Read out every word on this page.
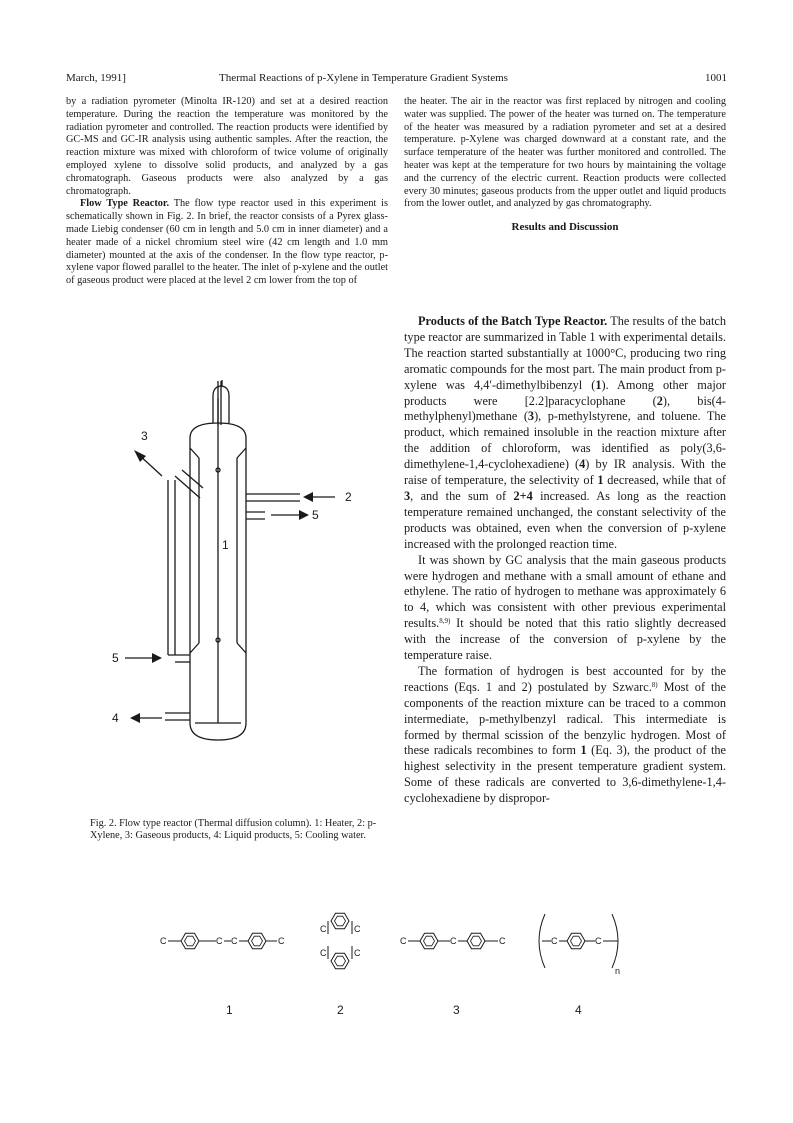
March, 1991]	Thermal Reactions of p-Xylene in Temperature Gradient Systems	1001

by a radiation pyrometer (Minolta IR-120) and set at a desired reaction temperature. During the reaction the temperature was monitored by the radiation pyrometer and controlled. The reaction products were identified by GC-MS and GC-IR analysis using authentic samples. After the reaction, the reaction mixture was mixed with chloroform of twice volume of originally employed xylene to dissolve solid products, and analyzed by a gas chromatograph. Gaseous products were also analyzed by a gas chromatograph.

Flow Type Reactor. The flow type reactor used in this experiment is schematically shown in Fig. 2. In brief, the reactor consists of a Pyrex glass-made Liebig condenser (60 cm in length and 5.0 cm in inner diameter) and a heater made of a nickel chromium steel wire (42 cm length and 1.0 mm diameter) mounted at the axis of the condenser. In the flow type reactor, p-xylene vapor flowed parallel to the heater. The inlet of p-xylene and the outlet of gaseous product were placed at the level 2 cm lower from the top of

the heater. The air in the reactor was first replaced by nitrogen and cooling water was supplied. The power of the heater was turned on. The temperature of the heater was measured by a radiation pyrometer and set at a desired temperature. p-Xylene was charged downward at a constant rate, and the surface temperature of the heater was further monitored and controlled. The heater was kept at the temperature for two hours by maintaining the voltage and the currency of the electric current. Reaction products were collected every 30 minutes; gaseous products from the upper outlet and liquid products from the lower outlet, and analyzed by gas chromatography.

Results and Discussion

Products of the Batch Type Reactor. The results of the batch type reactor are summarized in Table 1 with experimental details. The reaction started substantially at 1000°C, producing two ring aromatic compounds for the most part. The main product from p-xylene was 4,4′-dimethylbibenzyl (1). Among other major products were [2.2]paracyclophane (2), bis(4-methylphenyl)methane (3), p-methylstyrene, and toluene. The product, which remained insoluble in the reaction mixture after the addition of chloroform, was identified as poly(3,6-dimethylene-1,4-cyclohexadiene) (4) by IR analysis. With the raise of temperature, the selectivity of 1 decreased, while that of 3, and the sum of 2+4 increased. As long as the reaction temperature remained unchanged, the constant selectivity of the products was obtained, even when the conversion of p-xylene increased with the prolonged reaction time.

It was shown by GC analysis that the main gaseous products were hydrogen and methane with a small amount of ethane and ethylene. The ratio of hydrogen to methane was approximately 6 to 4, which was consistent with other previous experimental results.$^{8,9)}$ It should be noted that this ratio slightly decreased with the increase of the conversion of p-xylene by the temperature raise.

The formation of hydrogen is best accounted for by the reactions (Eqs. 1 and 2) postulated by Szwarc.$^{8)}$ Most of the components of the reaction mixture can be traced to a common intermediate, p-methylbenzyl radical. This intermediate is formed by thermal scission of the benzylic hydrogen. Most of these radicals recombines to form 1 (Eq. 3), the product of the highest selectivity in the present temperature gradient system. Some of these radicals are converted to 3,6-dimethylene-1,4-cyclohexadiene by dispropor-

3
2
5
1
5
4
Fig. 2. Flow type reactor (Thermal diffusion column). 1: Heater, 2: p-Xylene, 3: Gaseous products, 4: Liquid products, 5: Cooling water.
C	C C	C
C	C
C	C
C	C	C	C	C
n
1	2	3	4
